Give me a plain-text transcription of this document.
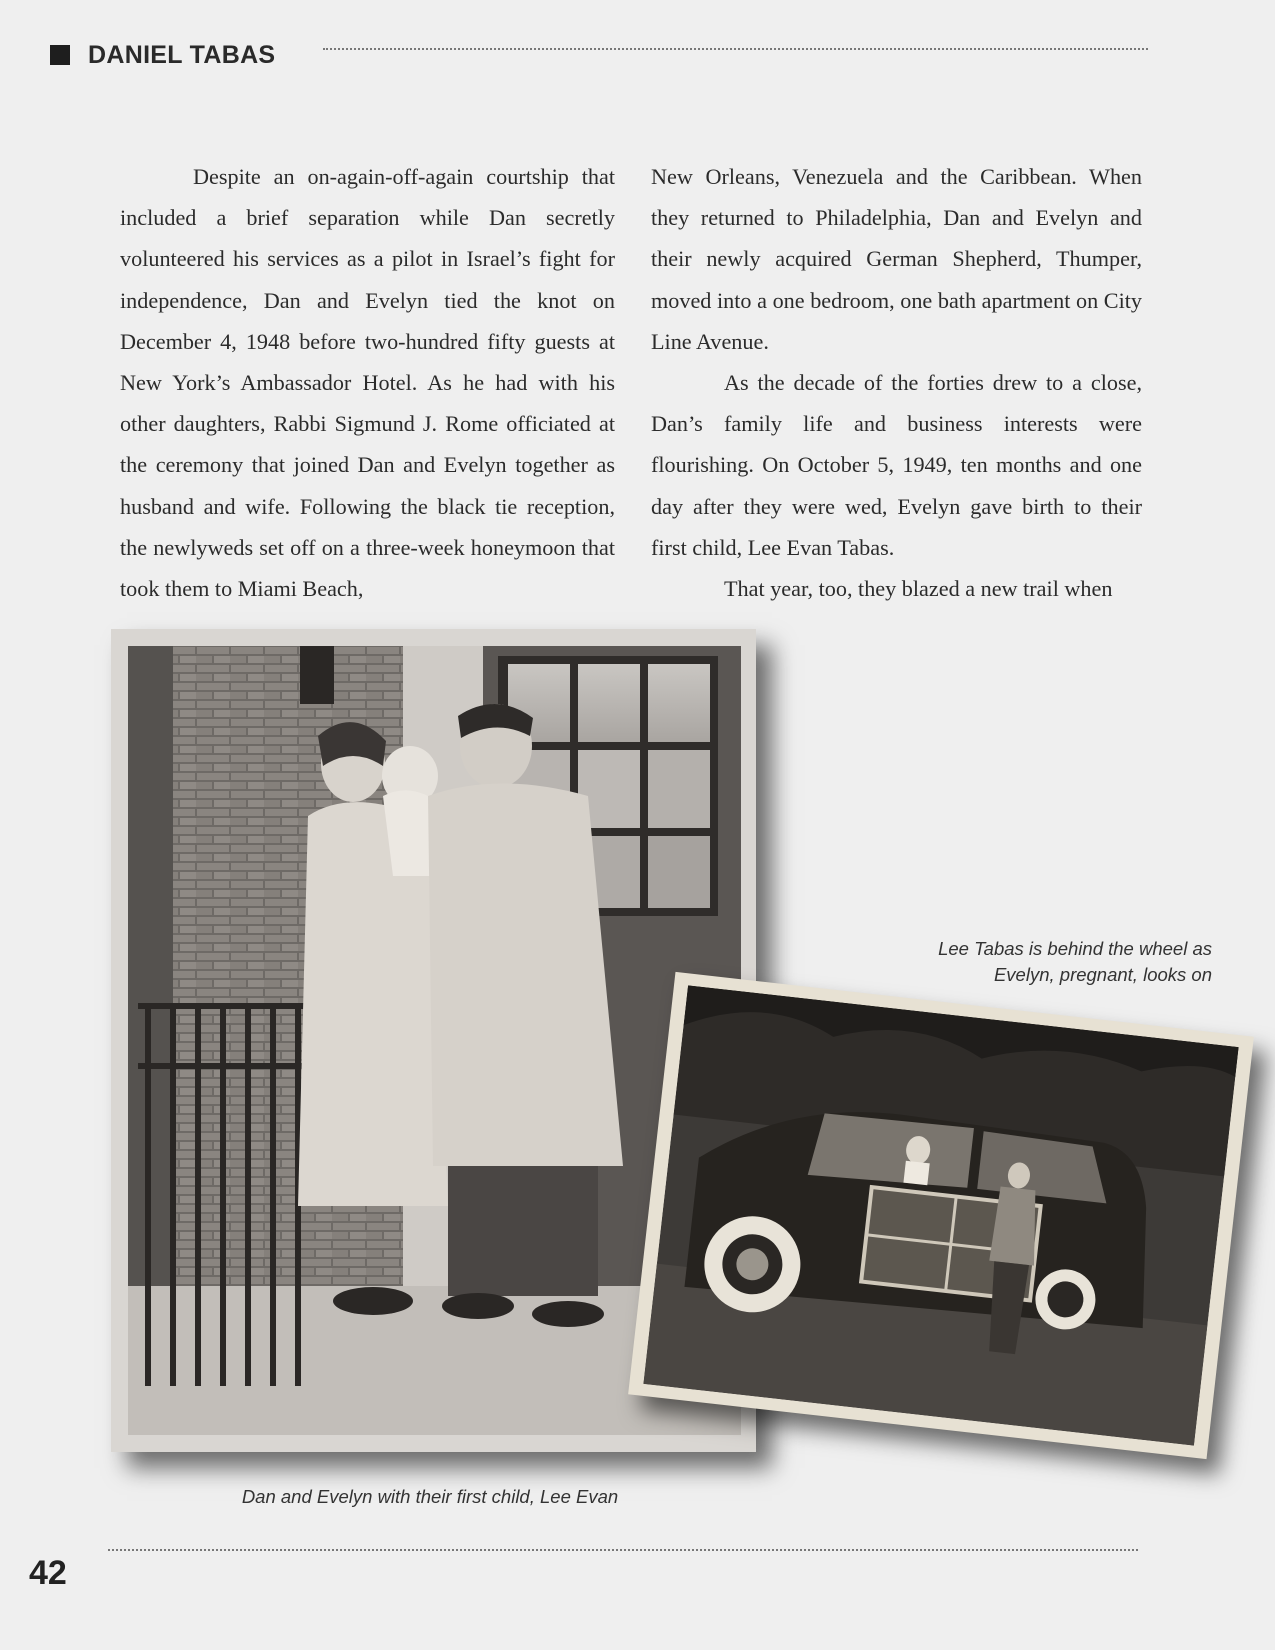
DANIEL TABAS

Despite an on-again-off-again courtship that included a brief separation while Dan secretly volunteered his services as a pilot in Israel’s fight for independence, Dan and Evelyn tied the knot on December 4, 1948 before two-hundred fifty guests at New York’s Ambassador Hotel. As he had with his other daughters, Rabbi Sigmund J. Rome officiated at the ceremony that joined Dan and Evelyn together as husband and wife. Following the black tie reception, the newlyweds set off on a three-week honeymoon that took them to Miami Beach,

New Orleans, Venezuela and the Caribbean. When they returned to Philadelphia, Dan and Evelyn and their newly acquired German Shepherd, Thumper, moved into a one bedroom, one bath apartment on City Line Avenue.

As the decade of the forties drew to a close, Dan’s family life and business interests were flourishing. On October 5, 1949, ten months and one day after they were wed, Evelyn gave birth to their first child, Lee Evan Tabas.

That year, too, they blazed a new trail when

Dan and Evelyn with their first child, Lee Evan
Lee Tabas is behind the wheel as
Evelyn, pregnant, looks on
42
